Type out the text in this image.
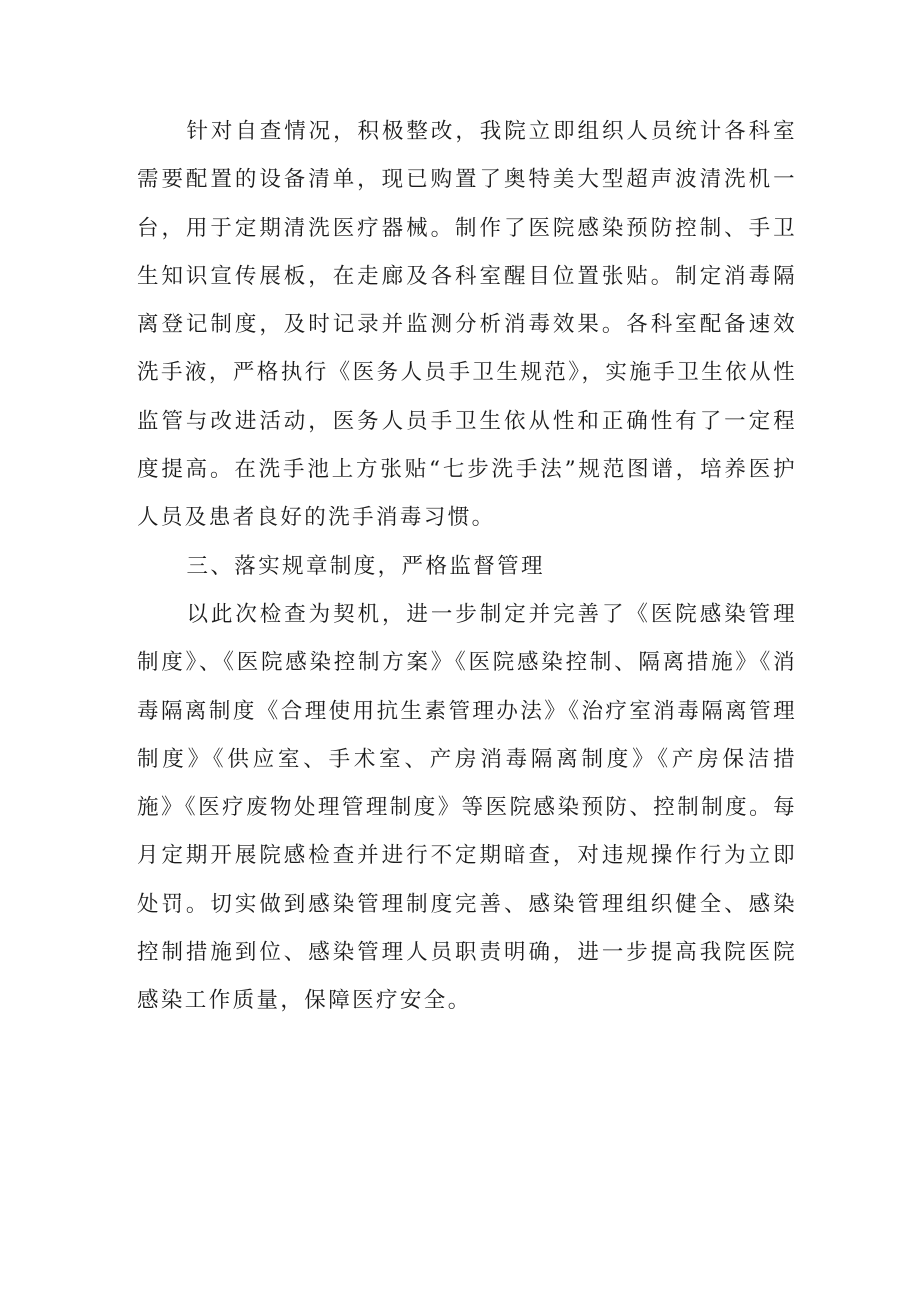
针对自查情况，积极整改，我院立即组织人员统计各科室需要配置的设备清单，现已购置了奥特美大型超声波清洗机一台，用于定期清洗医疗器械。制作了医院感染预防控制、手卫生知识宣传展板，在走廊及各科室醒目位置张贴。制定消毒隔离登记制度，及时记录并监测分析消毒效果。各科室配备速效洗手液，严格执行《医务人员手卫生规范》，实施手卫生依从性监管与改进活动，医务人员手卫生依从性和正确性有了一定程度提高。在洗手池上方张贴“七步洗手法”规范图谱，培养医护人员及患者良好的洗手消毒习惯。

三、落实规章制度，严格监督管理

以此次检查为契机，进一步制定并完善了《医院感染管理制度》、《医院感染控制方案》《医院感染控制、隔离措施》《消毒隔离制度《合理使用抗生素管理办法》《治疗室消毒隔离管理制度》《供应室、手术室、产房消毒隔离制度》《产房保洁措施》《医疗废物处理管理制度》等医院感染预防、控制制度。每月定期开展院感检查并进行不定期暗查，对违规操作行为立即处罚。切实做到感染管理制度完善、感染管理组织健全、感染控制措施到位、感染管理人员职责明确，进一步提高我院医院感染工作质量，保障医疗安全。
